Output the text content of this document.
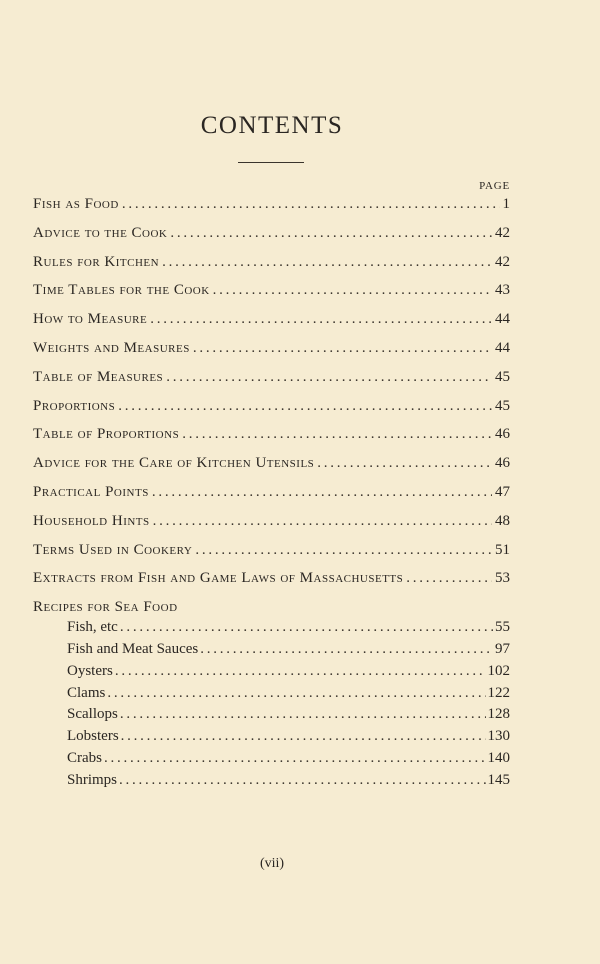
CONTENTS
PAGE
Fish as Food . . .	1
Advice to the Cook . . .	42
Rules for Kitchen . . .	42
Time Tables for the Cook . . .	43
How to Measure . . .	44
Weights and Measures . . .	44
Table of Measures . . .	45
Proportions . . .	45
Table of Proportions . . .	46
Advice for the Care of Kitchen Utensils . . .	46
Practical Points . . .	47
Household Hints . . .	48
Terms Used in Cookery . . .	51
Extracts from Fish and Game Laws of Massachusetts . . .	53
Recipes for Sea Food
Fish, etc . . .	55
Fish and Meat Sauces . . .	97
Oysters . . .	102
Clams . . .	122
Scallops . . .	128
Lobsters . . .	130
Crabs . . .	140
Shrimps . . .	145
(vii)
